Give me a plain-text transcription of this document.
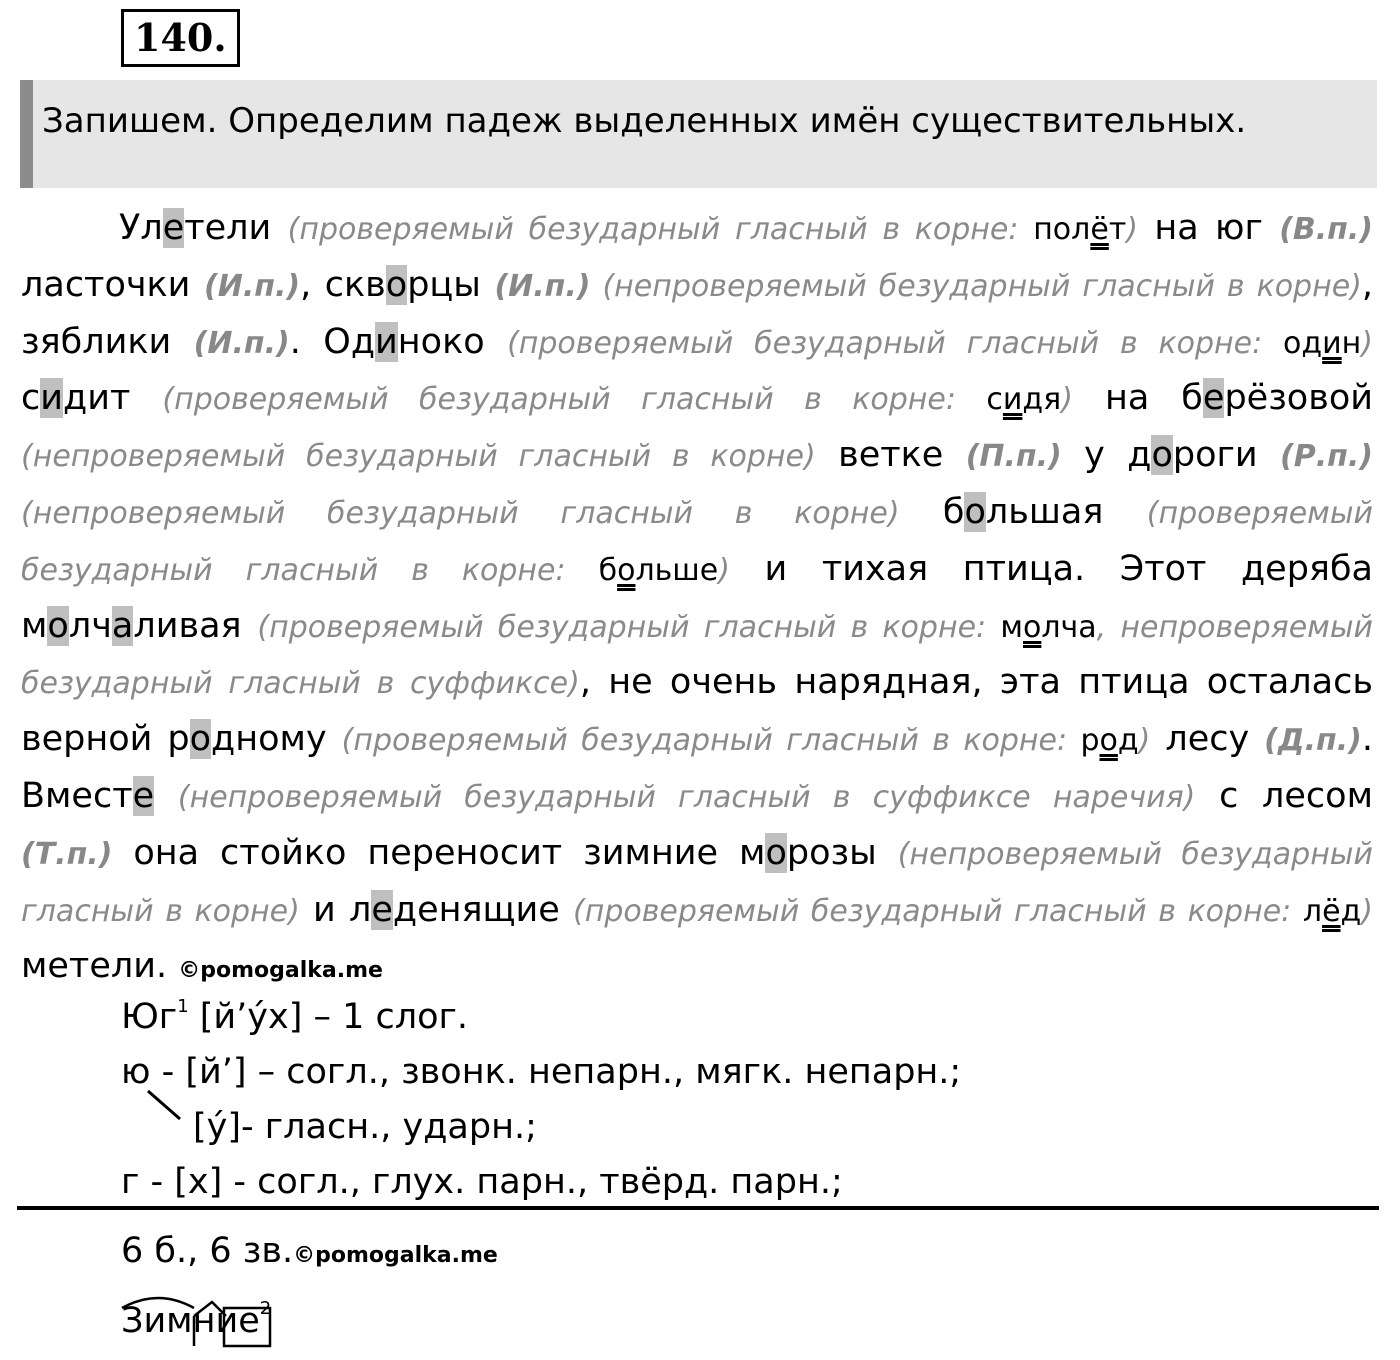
140.
Запишем. Определим падеж выделенных имён существительных.
Улетели (проверяемый безударный гласный в корне: полёт) на юг (В.п.) ласточки (И.п.), скворцы (И.п.) (непроверяемый безударный гласный в корне), зяблики (И.п.). Одиноко (проверяемый безударный гласный в корне: один) сидит (проверяемый безударный гласный в корне: сидя) на берёзовой (непроверяемый безударный гласный в корне) ветке (П.п.) у дороги (Р.п.) (непроверяемый безударный гласный в корне) большая (проверяемый безударный гласный в корне: больше) и тихая птица. Этот деряба молчаливая (проверяемый безударный гласный в корне: молча, непроверяемый безударный гласный в суффиксе), не очень нарядная, эта птица осталась верной родному (проверяемый безударный гласный в корне: род) лесу (Д.п.). Вместе (непроверяемый безударный гласный в суффиксе наречия) с лесом (Т.п.) она стойко переносит зимние морозы (непроверяемый безударный гласный в корне) и леденящие (проверяемый безударный гласный в корне: лёд) метели. ©pomogalka.me
$Юг^1$ [й’ýх] – 1 слог.
ю - [й’] – согл., звонк. непарн., мягк. непарн.;
[ý]- гласн., ударн.;
г - [х] - согл., глух. парн., твёрд. парн.;
6 б., 6 зв.©pomogalka.me
Зимние$^2$
